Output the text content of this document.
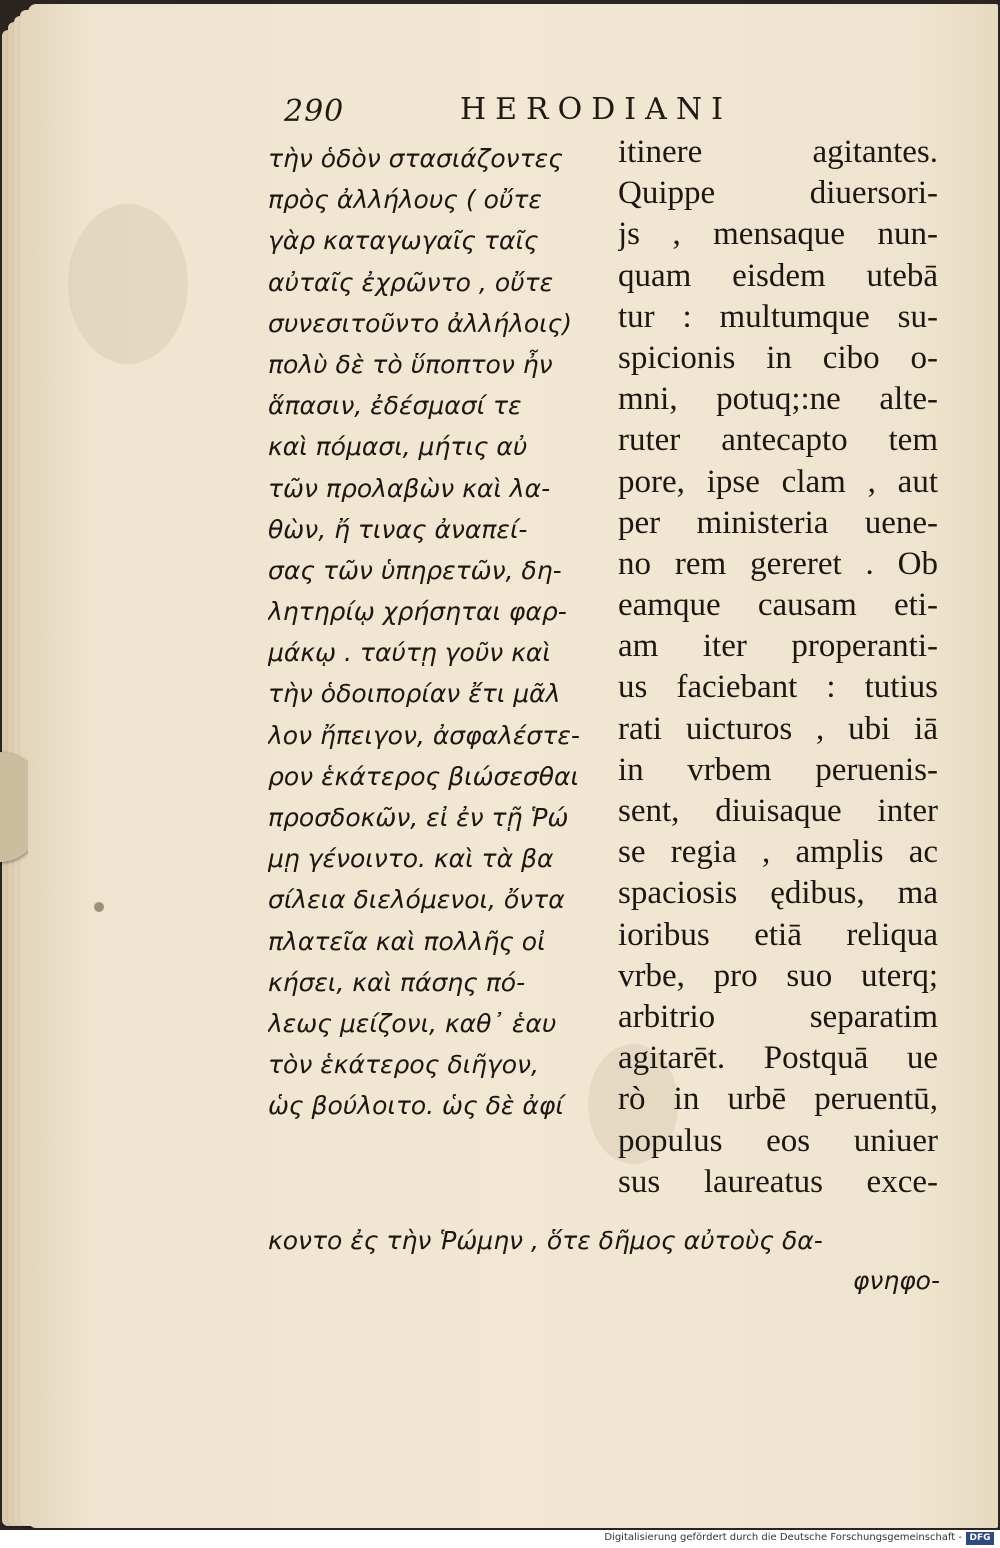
290	HERODIANI
τὴν ὁδὸν στασιάζοντες
πρὸς ἀλλήλους ( οὔτε
γὰρ καταγωγαῖς ταῖς
αὐταῖς ἐχρῶντο , οὔτε
συνεσιτοῦντο ἀλλήλοις)
πολὺ δὲ τὸ ὕποπτον ἦν
ἅπασιν, ἐδέσμασί τε
καὶ πόμασι, μήτις αὐ
τῶν προλαβὼν καὶ λα-
θὼν, ἤ τινας ἀναπεί-
σας τῶν ὑπηρετῶν, δη-
λητηρίῳ χρήσηται φαρ-
μάκῳ . ταύτῃ γοῦν καὶ
τὴν ὁδοιπορίαν ἔτι μᾶλ
λον ἤπειγον, ἀσφαλέστε-
ρον ἑκάτερος βιώσεσθαι
προσδοκῶν, εἰ ἐν τῇ Ῥώ
μῃ γένοιντο. καὶ τὰ βα
σίλεια διελόμενοι, ὄντα
πλατεῖα καὶ πολλῆς οἰ
κήσει, καὶ πάσης πό-
λεως μείζονι, καθ᾽ ἑαυ
τὸν ἑκάτερος διῆγον,
ὡς βούλοιτο. ὡς δὲ ἀφί
itinere agitantes.
Quippe diuersori-
js , mensaque nun-
quam eisdem utebā
tur : multumque su-
spicionis in cibo o-
mni, potuq;:ne alte-
ruter antecapto tem
pore, ipse clam , aut
per ministeria uene-
no rem gereret . Ob
eamque causam eti-
am iter properanti-
us faciebant : tutius
rati uicturos , ubi iā
in vrbem peruenis-
sent, diuisaque inter
se regia , amplis ac
spaciosis ędibus, ma
ioribus etiā reliqua
vrbe, pro suo uterq;
arbitrio separatim
agitarēt. Postquā ue
rò in urbē peruentū,
populus eos uniuer
sus laureatus exce-
κοντο ἐς τὴν Ῥώμην , ὅτε δῆμος αὐτοὺς δα-
φνηφο-
Digitalisierung gefördert durch die Deutsche Forschungsgemeinschaft - DFG
